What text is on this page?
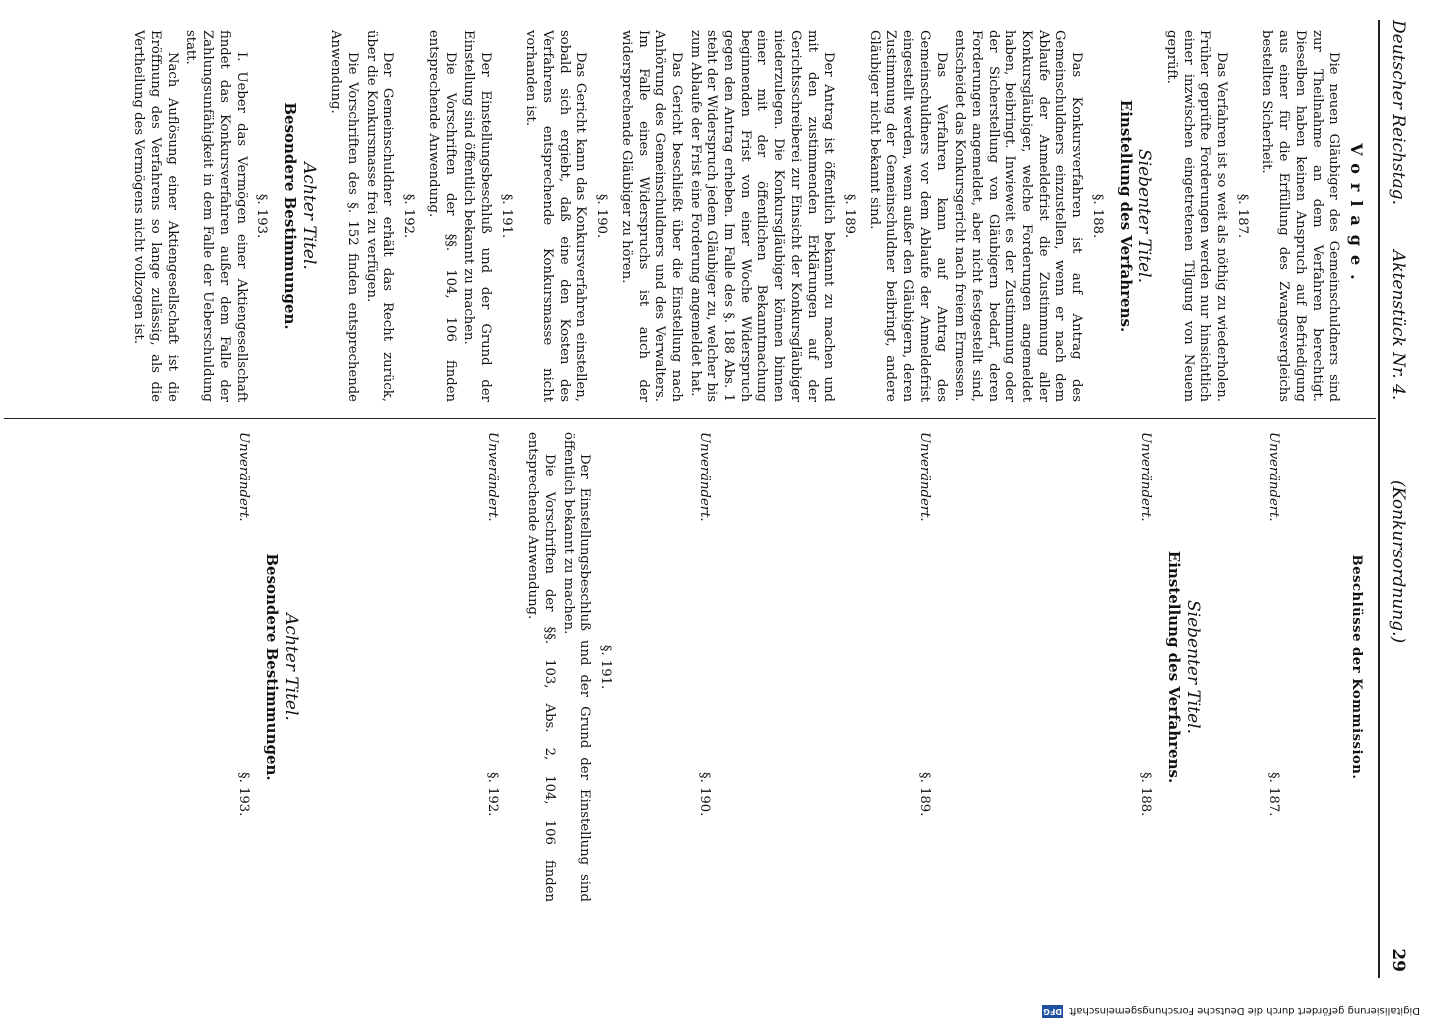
Deutscher Reichstag.
Aktenstück Nr. 4.
(Konkursordnung.)
29
Vorlage.

Die neuen Gläubiger des Gemeinschuldners sind zur Theilnahme an dem Verfahren berechtigt. Dieselben haben keinen Anspruch auf Befriedigung aus einer für die Erfüllung des Zwangsvergleichs bestellten Sicherheit.

§. 187.

Das Verfahren ist so weit als nöthig zu wiederholen. Früher geprüfte Forderungen werden nur hinsichtlich einer inzwischen eingetretenen Tilgung von Neuem geprüft.

Siebenter Titel.
Einstellung des Verfahrens.
§. 188.

Das Konkursverfahren ist auf Antrag des Gemeinschuldners einzustellen, wenn er nach dem Ablaufe der Anmeldefrist die Zustimmung aller Konkursgläubiger, welche Forderungen angemeldet haben, beibringt. Inwieweit es der Zustimmung oder der Sicherstellung von Gläubigern bedarf, deren Forderungen angemeldet, aber nicht festgestellt sind, entscheidet das Konkursgericht nach freiem Ermessen.

Das Verfahren kann auf Antrag des Gemeinschuldners vor dem Ablaufe der Anmeldefrist eingestellt werden, wenn außer den Gläubigern, deren Zustimmung der Gemeinschuldner beibringt, andere Gläubiger nicht bekannt sind.

§. 189.

Der Antrag ist öffentlich bekannt zu machen und mit den zustimmenden Erklärungen auf der Gerichtsschreiberei zur Einsicht der Konkursgläubiger niederzulegen. Die Konkursgläubiger können binnen einer mit der öffentlichen Bekanntmachung beginnenden Frist von einer Woche Widerspruch gegen den Antrag erheben. Im Falle des §. 188 Abs. 1 steht der Widerspruch jedem Gläubiger zu, welcher bis zum Ablaufe der Frist eine Forderung angemeldet hat.

Das Gericht beschließt über die Einstellung nach Anhörung des Gemeinschuldners und des Verwalters. Im Falle eines Widerspruchs ist auch der widersprechende Gläubiger zu hören.

§. 190.

Das Gericht kann das Konkursverfahren einstellen, sobald sich ergiebt, daß eine den Kosten des Verfahrens entsprechende Konkursmasse nicht vorhanden ist.

§. 191.

Der Einstellungsbeschluß und der Grund der Einstellung sind öffentlich bekannt zu machen.

Die Vorschriften der §§. 104, 106 finden entsprechende Anwendung.

§. 192.

Der Gemeinschuldner erhält das Recht zurück, über die Konkursmasse frei zu verfügen.

Die Vorschriften des §. 152 finden entsprechende Anwendung.

Achter Titel.
Besondere Bestimmungen.
§. 193.

I. Ueber das Vermögen einer Aktiengesellschaft findet das Konkursverfahren außer dem Falle der Zahlungsunfähigkeit in dem Falle der Ueberschuldung statt.

Nach Auflösung einer Aktiengesellschaft ist die Eröffnung des Verfahrens so lange zulässig, als die Vertheilung des Vermögens nicht vollzogen ist.

Beschlüsse der Kommission.
Unverändert.
§. 187.
Siebenter Titel.
Einstellung des Verfahrens.
Unverändert.
§. 188.
Unverändert.
§. 189.
Unverändert.
§. 190.
§. 191.

Der Einstellungsbeschluß und der Grund der Einstellung sind öffentlich bekannt zu machen.

Die Vorschriften der §§. 103, Abs. 2, 104, 106 finden entsprechende Anwendung.

Unverändert.
§. 192.
Achter Titel.
Besondere Bestimmungen.
Unverändert.
§. 193.
Digitalisierung gefördert durch die Deutsche Forschungsgemeinschaft
DFG
